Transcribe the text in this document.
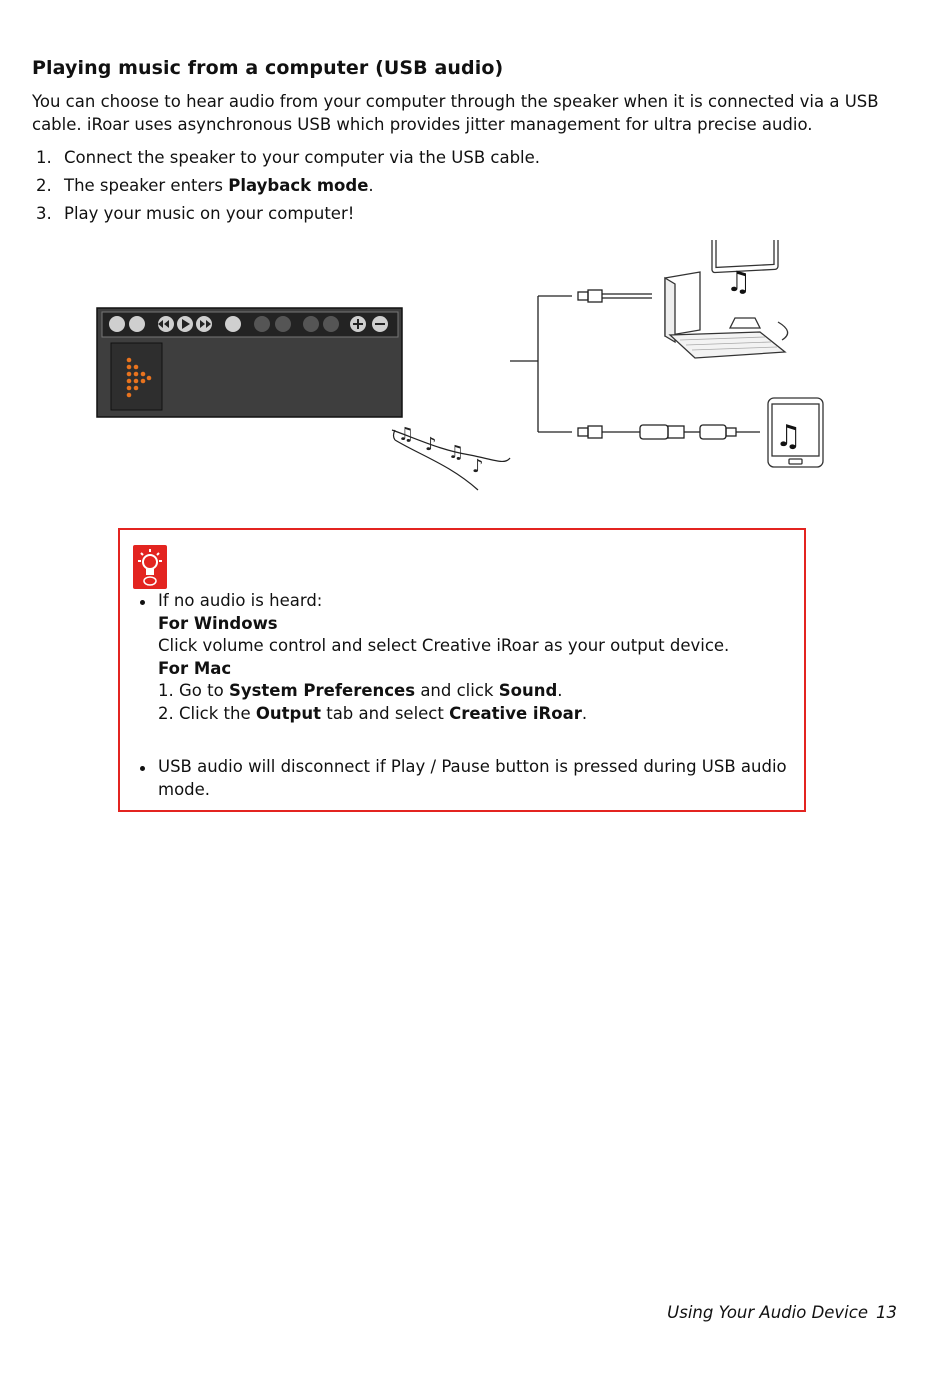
Playing music from a computer (USB audio)

You can choose to hear audio from your computer through the speaker when it is connected via a USB cable. iRoar uses asynchronous USB which provides jitter management for ultra precise audio.

1. Connect the speaker to your computer via the USB cable.
2. The speaker enters Playback mode.
3. Play your music on your computer!
♫ ♪ ♫
♪
♫
♫
If no audio is heard:
For Windows
Click volume control and select Creative iRoar as your output device.
For Mac
1. Go to System Preferences and click Sound.
2. Click the Output tab and select Creative iRoar.
USB audio will disconnect if Play / Pause button is pressed during USB audio mode.
Using Your Audio Device 13
